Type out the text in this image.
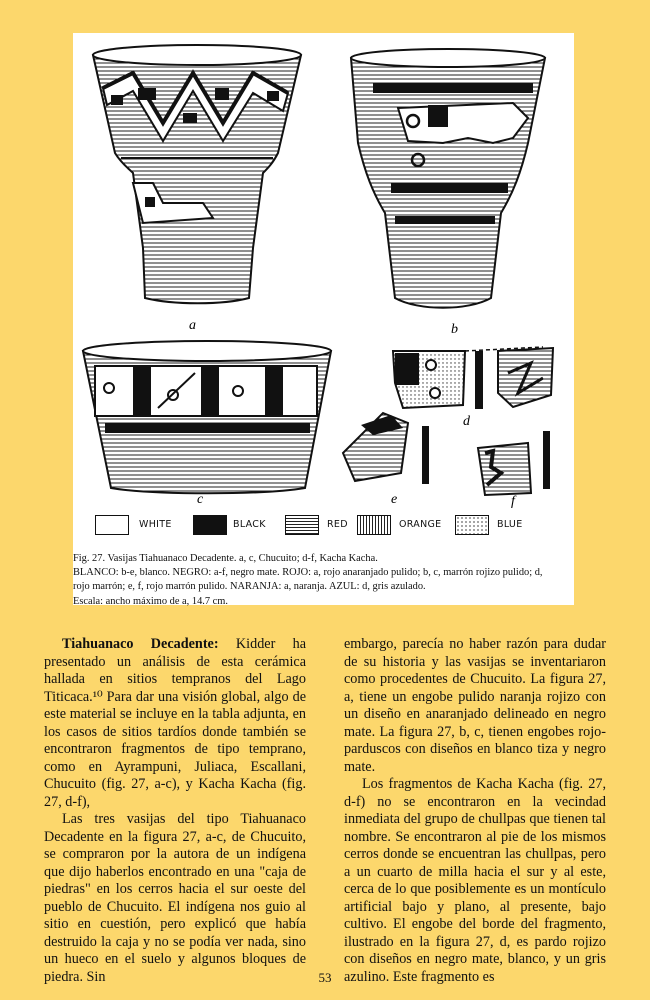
a	b
c
d
e	f
WHITE	BLACK	RED	ORANGE	BLUE
Fig. 27. Vasijas Tiahuanaco Decadente. a, c, Chucuito; d-f, Kacha Kacha.
BLANCO: b-e, blanco. NEGRO: a-f, negro mate. ROJO: a, rojo anaranjado pulido; b, c, marrón rojizo pulido; d,
rojo marrón; e, f, rojo marrón pulido. NARANJA: a, naranja. AZUL: d, gris azulado.
Escala: ancho máximo de a, 14.7 cm.

Tiahuanaco Decadente: Kidder ha presentado un análisis de esta cerámica hallada en sitios tempranos del Lago Titicaca.¹⁰ Para dar una visión global, algo de este material se incluye en la tabla adjunta, en los casos de sitios tardíos donde también se encontraron fragmentos de tipo temprano, como en Ayrampuni, Juliaca, Escallani, Chucuito (fig. 27, a-c), y Kacha Kacha (fig. 27, d-f),

Las tres vasijas del tipo Tiahuanaco Decadente en la figura 27, a-c, de Chucuito, se compraron por la autora de un indígena que dijo haberlos encontrado en una "caja de piedras" en los cerros hacia el sur oeste del pueblo de Chucuito. El indígena nos guio al sitio en cuestión, pero explicó que había destruido la caja y no se podía ver nada, sino un hueco en el suelo y algunos bloques de piedra. Sin

embargo, parecía no haber razón para dudar de su historia y las vasijas se inventariaron como procedentes de Chucuito. La figura 27, a, tiene un engobe pulido naranja rojizo con un diseño en anaranjado delineado en negro mate. La figura 27, b, c, tienen engobes rojo-parduscos con diseños en blanco tiza y negro mate.

Los fragmentos de Kacha Kacha (fig. 27, d-f) no se encontraron en la vecindad inmediata del grupo de chullpas que tienen tal nombre. Se encontraron al pie de los mismos cerros donde se encuentran las chullpas, pero a un cuarto de milla hacia el sur y al este, cerca de lo que posiblemente es un montículo artificial bajo y plano, al presente, bajo cultivo. El engobe del borde del fragmento, ilustrado en la figura 27, d, es pardo rojizo con diseños en negro mate, blanco, y un gris azulino. Este fragmento es

53
